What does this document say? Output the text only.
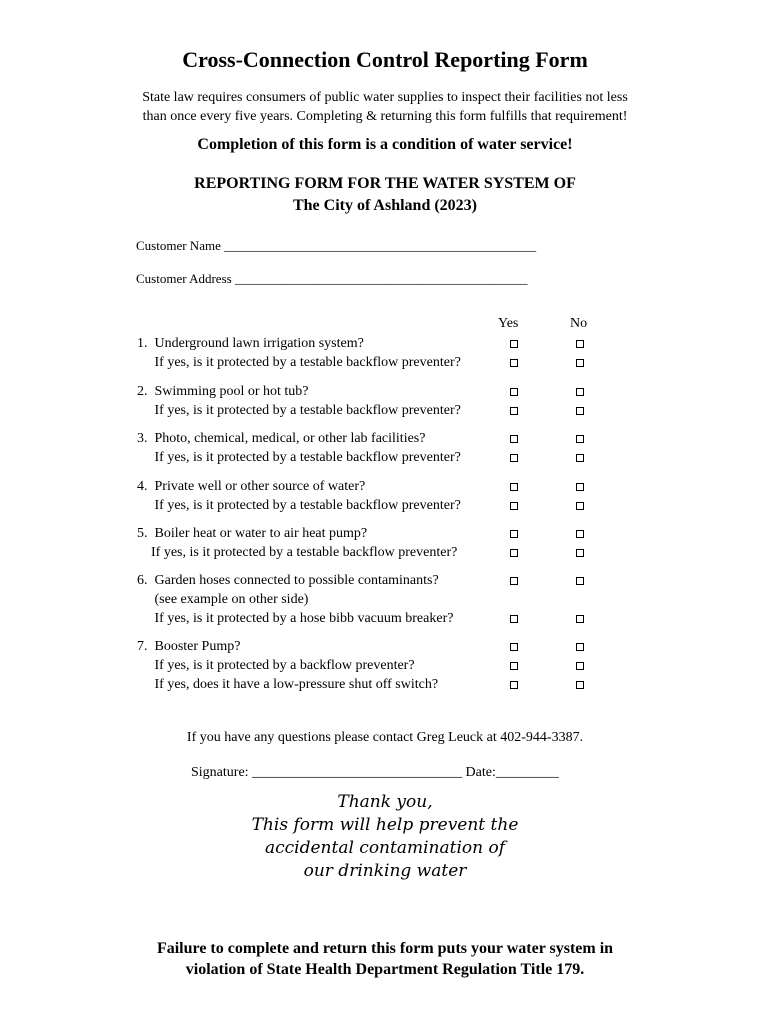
Cross-Connection Control Reporting Form
State law requires consumers of public water supplies to inspect their facilities not less
than once every five years. Completing & returning this form fulfills that requirement!
Completion of this form is a condition of water service!
REPORTING FORM FOR THE WATER SYSTEM OF
The City of Ashland (2023)
Customer Name ________________________________________________
Customer Address _____________________________________________
Yes	No
1.  Underground lawn irrigation system?
If yes, is it protected by a testable backflow preventer?
2.  Swimming pool or hot tub?
If yes, is it protected by a testable backflow preventer?
3.  Photo, chemical, medical, or other lab facilities?
If yes, is it protected by a testable backflow preventer?
4.  Private well or other source of water?
If yes, is it protected by a testable backflow preventer?
5.  Boiler heat or water to air heat pump?
If yes, is it protected by a testable backflow preventer?
6.  Garden hoses connected to possible contaminants?
(see example on other side)
If yes, is it protected by a hose bibb vacuum breaker?
7.  Booster Pump?
If yes, is it protected by a backflow preventer?
If yes, does it have a low-pressure shut off switch?
If you have any questions please contact Greg Leuck at 402-944-3387.
Signature: ______________________________ Date:_________
Thank you,
This form will help prevent the
accidental contamination of
our drinking water
Failure to complete and return this form puts your water system in
violation of State Health Department Regulation Title 179.
